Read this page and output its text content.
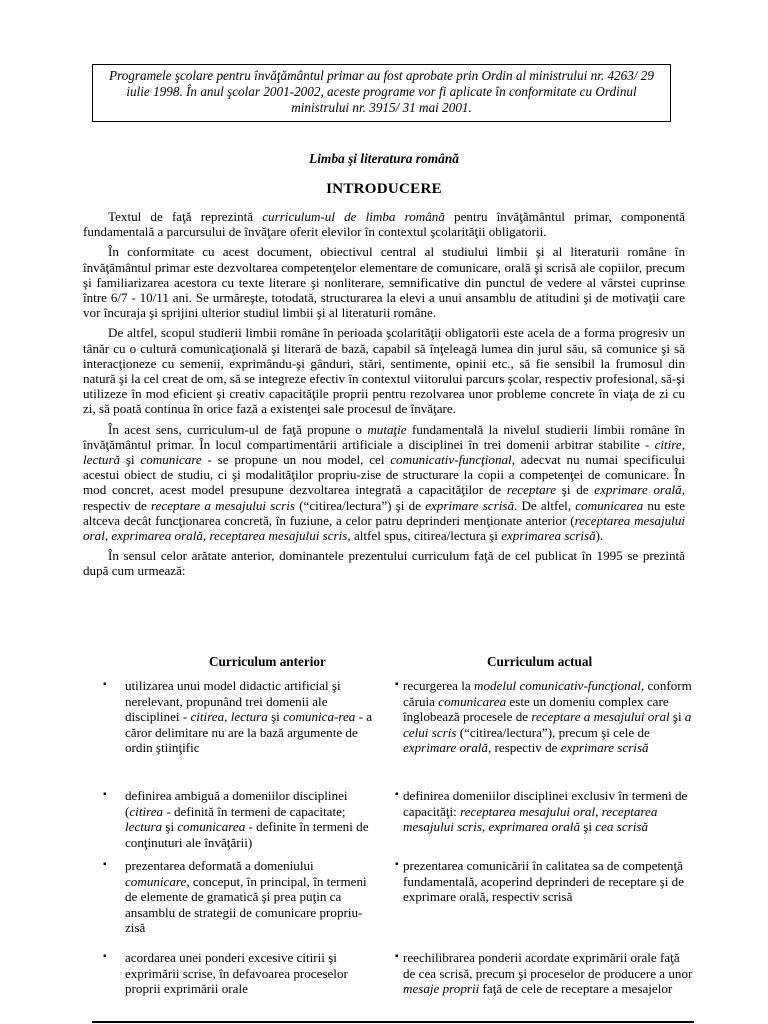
Programele şcolare pentru învăţământul primar au fost aprobate prin Ordin al ministrului nr. 4263/ 29 iulie 1998. În anul şcolar 2001-2002, aceste programe vor fi aplicate în conformitate cu Ordinul ministrului nr. 3915/ 31 mai 2001.
Limba şi literatura română
INTRODUCERE

Textul de faţă reprezintă curriculum-ul de limba română pentru învăţământul primar, componentă fundamentală a parcursului de învăţare oferit elevilor în contextul şcolarităţii obligatorii.

În conformitate cu acest document, obiectivul central al studiului limbii şi al literaturii române în învăţământul primar este dezvoltarea competenţelor elementare de comunicare, orală şi scrisă ale copiilor, precum şi familiarizarea acestora cu texte literare şi nonliterare, semnificative din punctul de vedere al vârstei cuprinse între 6/7 - 10/11 ani. Se urmăreşte, totodată, structurarea la elevi a unui ansamblu de atitudini şi de motivaţii care vor încuraja şi sprijini ulterior studiul limbii şi al literaturii române.

De altfel, scopul studierii limbii române în perioada şcolarităţii obligatorii este acela de a forma progresiv un tânăr cu o cultură comunicaţională şi literară de bază, capabil să înţeleagă lumea din jurul său, să comunice şi să interacţioneze cu semenii, exprimându-şi gânduri, stări, sentimente, opinii etc., să fie sensibil la frumosul din natură şi la cel creat de om, să se integreze efectiv în contextul viitorului parcurs şcolar, respectiv profesional, să-şi utilizeze în mod eficient şi creativ capacităţile proprii pentru rezolvarea unor probleme concrete în viaţa de zi cu zi, să poată continua în orice fază a existenţei sale procesul de învăţare.

În acest sens, curriculum-ul de faţă propune o mutaţie fundamentală la nivelul studierii limbii române în învăţământul primar. În locul compartimentării artificiale a disciplinei în trei domenii arbitrar stabilite - citire, lectură şi comunicare - se propune un nou model, cel comunicativ-funcţional, adecvat nu numai specificului acestui obiect de studiu, ci şi modalităţilor propriu-zise de structurare la copii a competenţei de comunicare. În mod concret, acest model presupune dezvoltarea integrată a capacităţilor de receptare şi de exprimare orală, respectiv de receptare a mesajului scris (“citirea/lectura”) şi de exprimare scrisă. De altfel, comunicarea nu este altceva decât funcţionarea concretă, în fuziune, a celor patru deprinderi menţionate anterior (receptarea mesajului oral, exprimarea orală, receptarea mesajului scris, altfel spus, citirea/lectura şi exprimarea scrisă).

În sensul celor arătate anterior, dominantele prezentului curriculum faţă de cel publicat în 1995 se prezintă după cum urmează:

Curriculum anterior	Curriculum actual
▪ utilizarea unui model didactic artificial şi nerelevant, propunând trei domenii ale disciplinei - citirea, lectura şi comunica-rea - a căror delimitare nu are la bază argumente de ordin ştiinţific
▪ recurgerea la modelul comunicativ-funcţional, conform căruia comunicarea este un domeniu complex care înglobează procesele de receptare a mesajului oral şi a celui scris (“citirea/lectura”), precum şi cele de exprimare orală, respectiv de exprimare scrisă
▪ definirea ambiguă a domeniilor disciplinei (citirea - definită în termeni de capacitate; lectura şi comunicarea - definite în termeni de conţinuturi ale învăţării)
▪ definirea domeniilor disciplinei exclusiv în termeni de capacităţi: receptarea mesajului oral, receptarea mesajului scris, exprimarea orală şi cea scrisă
▪ prezentarea deformată a domeniului comunicare, conceput, în principal, în termeni de elemente de gramatică şi prea puţin ca ansamblu de strategii de comunicare propriu-zisă
▪ prezentarea comunicării în calitatea sa de competenţă fundamentală, acoperind deprinderi de receptare şi de exprimare orală, respectiv scrisă
▪ acordarea unei ponderi excesive citirii şi exprimării scrise, în defavoarea proceselor proprii exprimării orale
▪ reechilibrarea ponderii acordate exprimării orale faţă de cea scrisă, precum şi proceselor de producere a unor mesaje proprii faţă de cele de receptare a mesajelor
